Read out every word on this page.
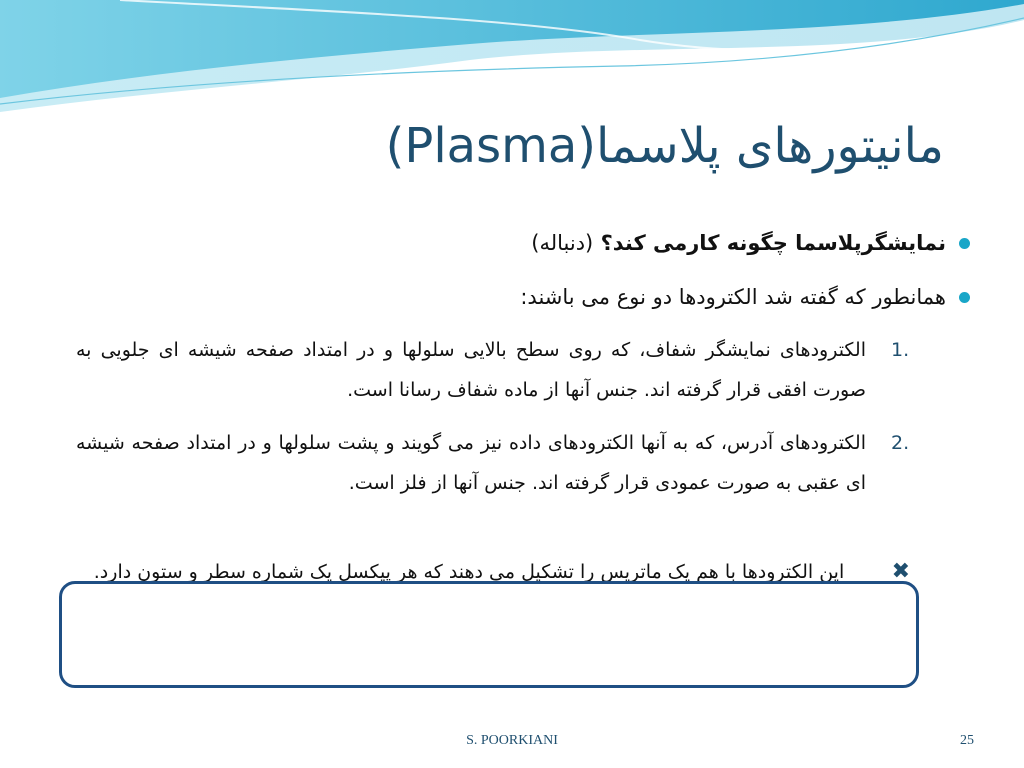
مانیتورهای پلاسما(Plasma)
نمایشگرپلاسما چگونه کارمی کند؟ (دنباله)
همانطور که گفته شد الکترودها دو نوع می باشند:
1.
الکترودهای نمایشگر شفاف، که روی سطح بالایی سلولها و در امتداد صفحه شیشه ای جلویی به صورت افقی قرار گرفته اند. جنس آنها از ماده شفاف رسانا است.
2.
الکترودهای آدرس، که به آنها الکترودهای داده نیز می گویند و پشت سلولها و در امتداد صفحه شیشه ای عقبی به صورت عمودی قرار گرفته اند. جنس آنها از فلز است.
✖
این الکترودها با هم یک ماتریس را تشکیل می دهند که هر پیکسل یک شماره سطر و ستون دارد.
S. POORKIANI	25
